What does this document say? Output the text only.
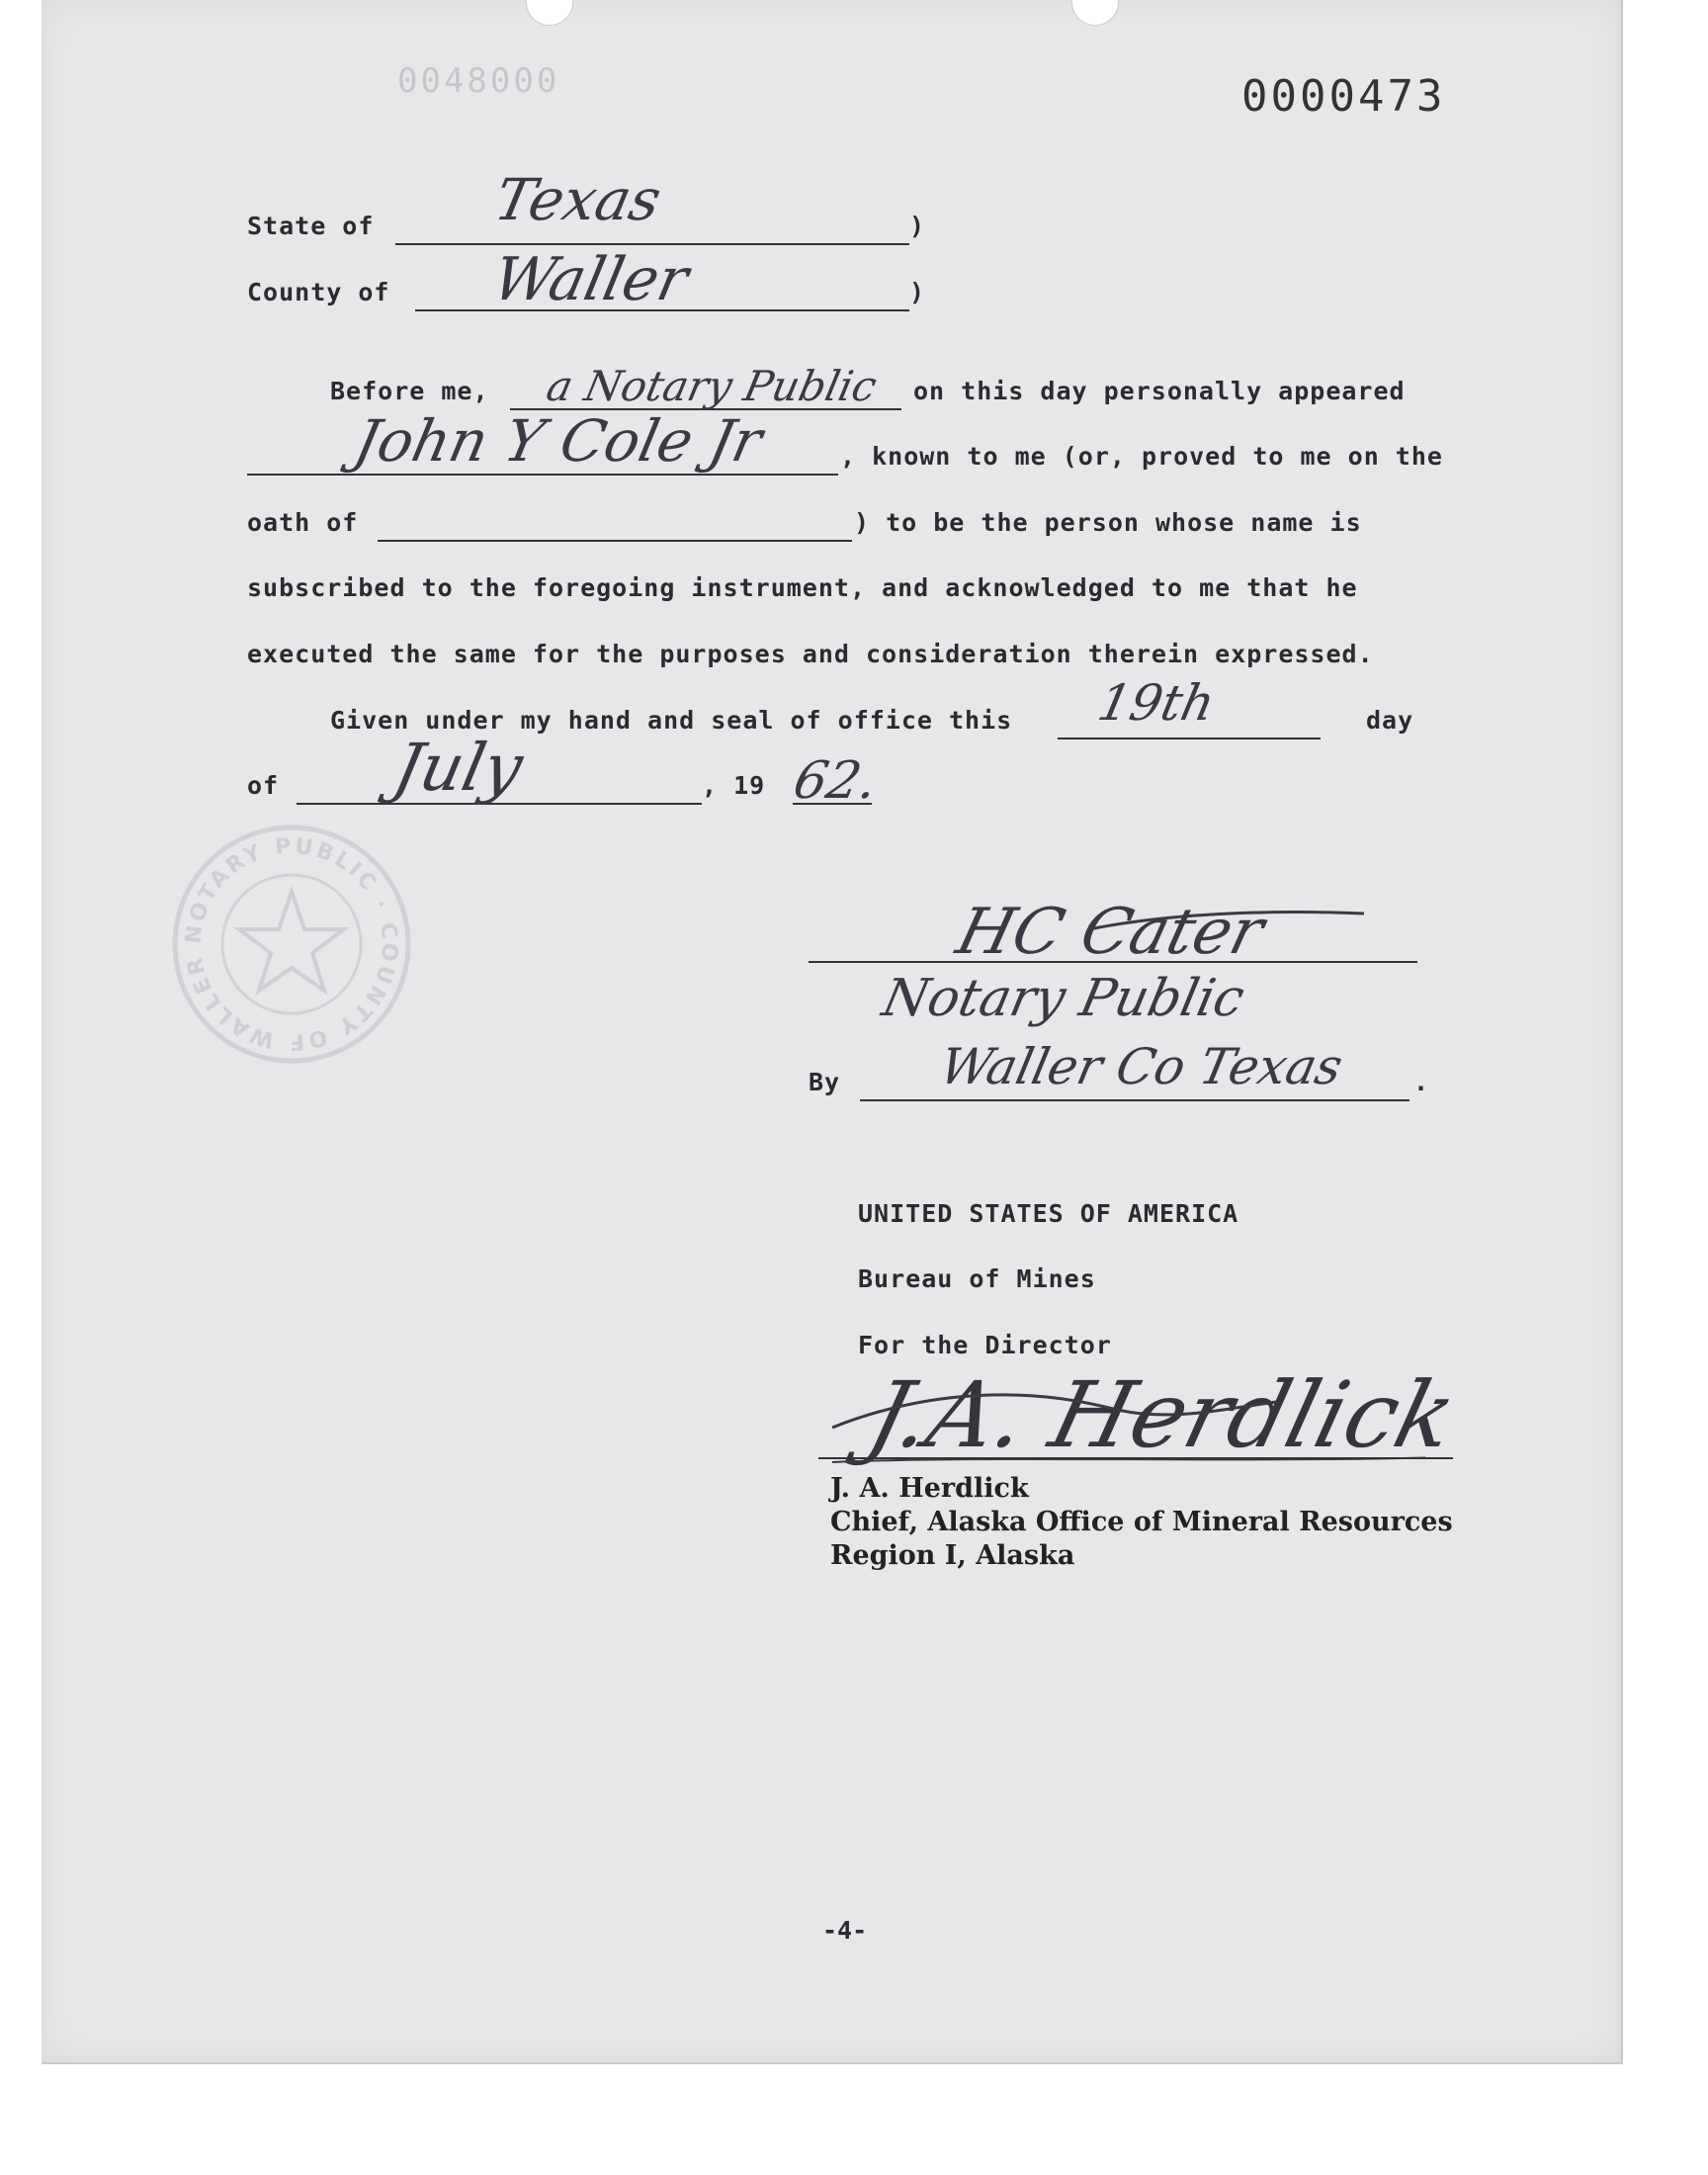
0048000	0000473
State of	)
Texas
County of	)
Waller
Before me, a Notary Public on this day personally appeared
John Y Cole Jr	, known to me (or, proved to me on the
oath of	) to be the person whose name is
subscribed to the foregoing instrument, and acknowledged to me that he
executed the same for the purposes and consideration therein expressed.
Given under my hand and seal of office this 19th	day
of July	, 19 62.
NOTARY PUBLIC · COUNTY OF WALLER	HC Cater
Notary Public
By Waller Co Texas	.
UNITED STATES OF AMERICA
Bureau of Mines
For the Director
J.A. Herdlick
J. A. Herdlick
Chief, Alaska Office of Mineral Resources
Region I, Alaska
-4-
